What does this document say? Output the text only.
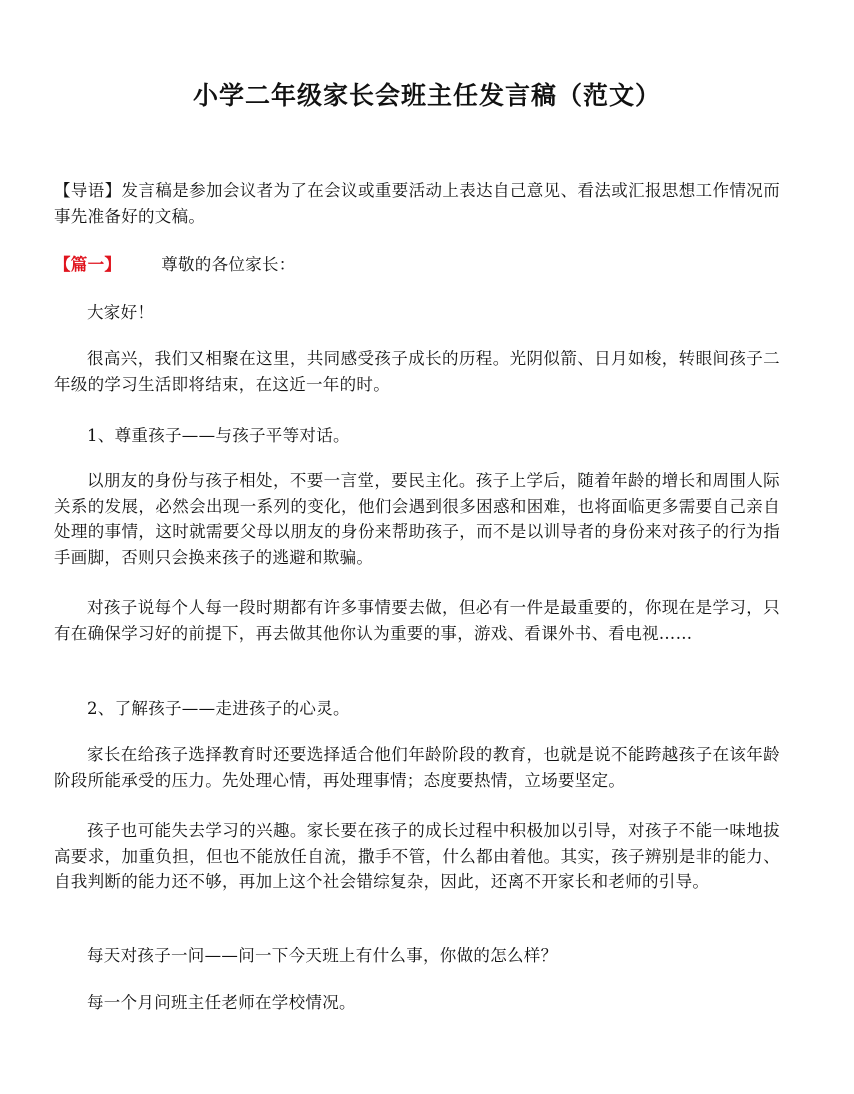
小学二年级家长会班主任发言稿（范文）
【导语】发言稿是参加会议者为了在会议或重要活动上表达自己意见、看法或汇报思想工作情况而事先准备好的文稿。
【篇一】 尊敬的各位家长：
大家好！
很高兴，我们又相聚在这里，共同感受孩子成长的历程。光阴似箭、日月如梭，转眼间孩子二年级的学习生活即将结束，在这近一年的时。
1、尊重孩子——与孩子平等对话。
以朋友的身份与孩子相处，不要一言堂，要民主化。孩子上学后，随着年龄的增长和周围人际关系的发展，必然会出现一系列的变化，他们会遇到很多困惑和困难，也将面临更多需要自己亲自处理的事情，这时就需要父母以朋友的身份来帮助孩子，而不是以训导者的身份来对孩子的行为指手画脚，否则只会换来孩子的逃避和欺骗。
对孩子说每个人每一段时期都有许多事情要去做，但必有一件是最重要的，你现在是学习，只有在确保学习好的前提下，再去做其他你认为重要的事，游戏、看课外书、看电视……
2、了解孩子——走进孩子的心灵。
家长在给孩子选择教育时还要选择适合他们年龄阶段的教育，也就是说不能跨越孩子在该年龄阶段所能承受的压力。先处理心情，再处理事情；态度要热情，立场要坚定。
孩子也可能失去学习的兴趣。家长要在孩子的成长过程中积极加以引导，对孩子不能一味地拔高要求，加重负担，但也不能放任自流，撒手不管，什么都由着他。其实，孩子辨别是非的能力、自我判断的能力还不够，再加上这个社会错综复杂，因此，还离不开家长和老师的引导。
每天对孩子一问——问一下今天班上有什么事，你做的怎么样？
每一个月问班主任老师在学校情况。
